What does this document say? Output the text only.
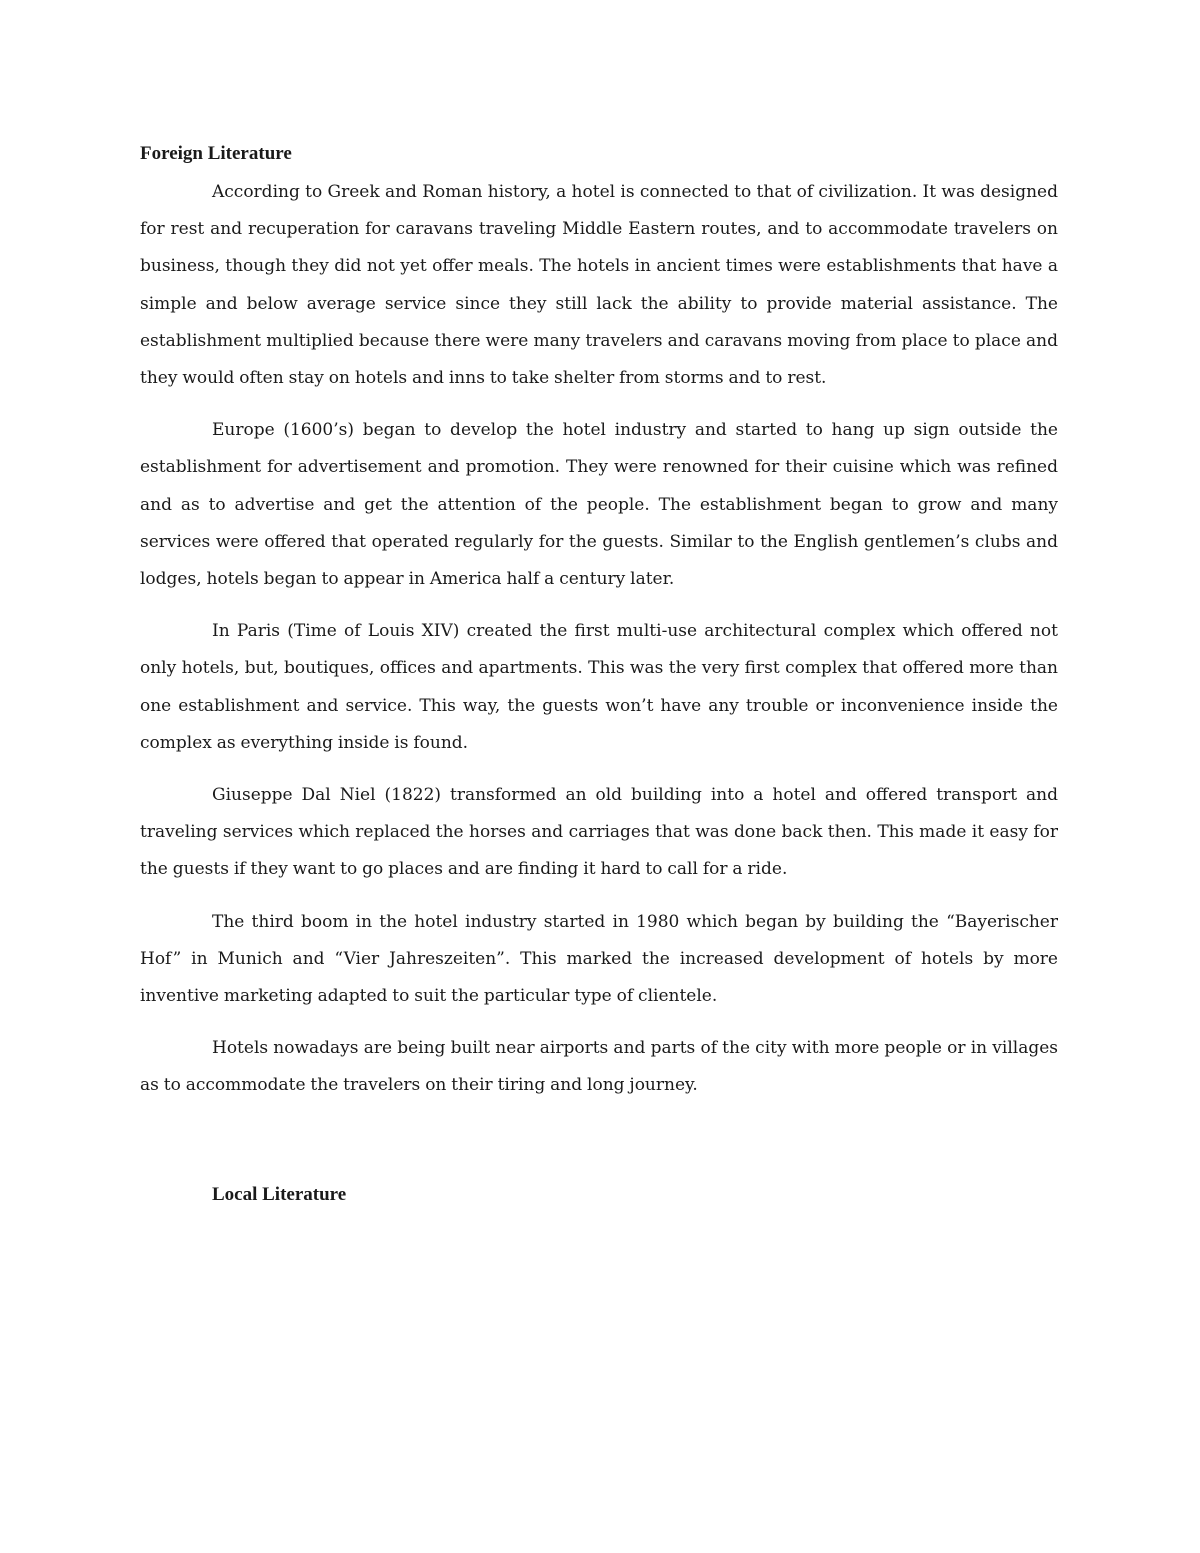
Foreign Literature

According to Greek and Roman history, a hotel is connected to that of civilization. It was designed for rest and recuperation for caravans traveling Middle Eastern routes, and to accommodate travelers on business, though they did not yet offer meals. The hotels in ancient times were establishments that have a simple and below average service since they still lack the ability to provide material assistance. The establishment multiplied because there were many travelers and caravans moving from place to place and they would often stay on hotels and inns to take shelter from storms and to rest.

Europe (1600’s) began to develop the hotel industry and started to hang up sign outside the establishment for advertisement and promotion. They were renowned for their cuisine which was refined and as to advertise and get the attention of the people. The establishment began to grow and many services were offered that operated regularly for the guests. Similar to the English gentlemen’s clubs and lodges, hotels began to appear in America half a century later.

In Paris (Time of Louis XIV) created the first multi-use architectural complex which offered not only hotels, but, boutiques, offices and apartments. This was the very first complex that offered more than one establishment and service. This way, the guests won’t have any trouble or inconvenience inside the complex as everything inside is found.

Giuseppe Dal Niel (1822) transformed an old building into a hotel and offered transport and traveling services which replaced the horses and carriages that was done back then. This made it easy for the guests if they want to go places and are finding it hard to call for a ride.

The third boom in the hotel industry started in 1980 which began by building the “Bayerischer Hof” in Munich and “Vier Jahreszeiten”. This marked the increased development of hotels by more inventive marketing adapted to suit the particular type of clientele.

Hotels nowadays are being built near airports and parts of the city with more people or in villages as to accommodate the travelers on their tiring and long journey.

Local Literature
